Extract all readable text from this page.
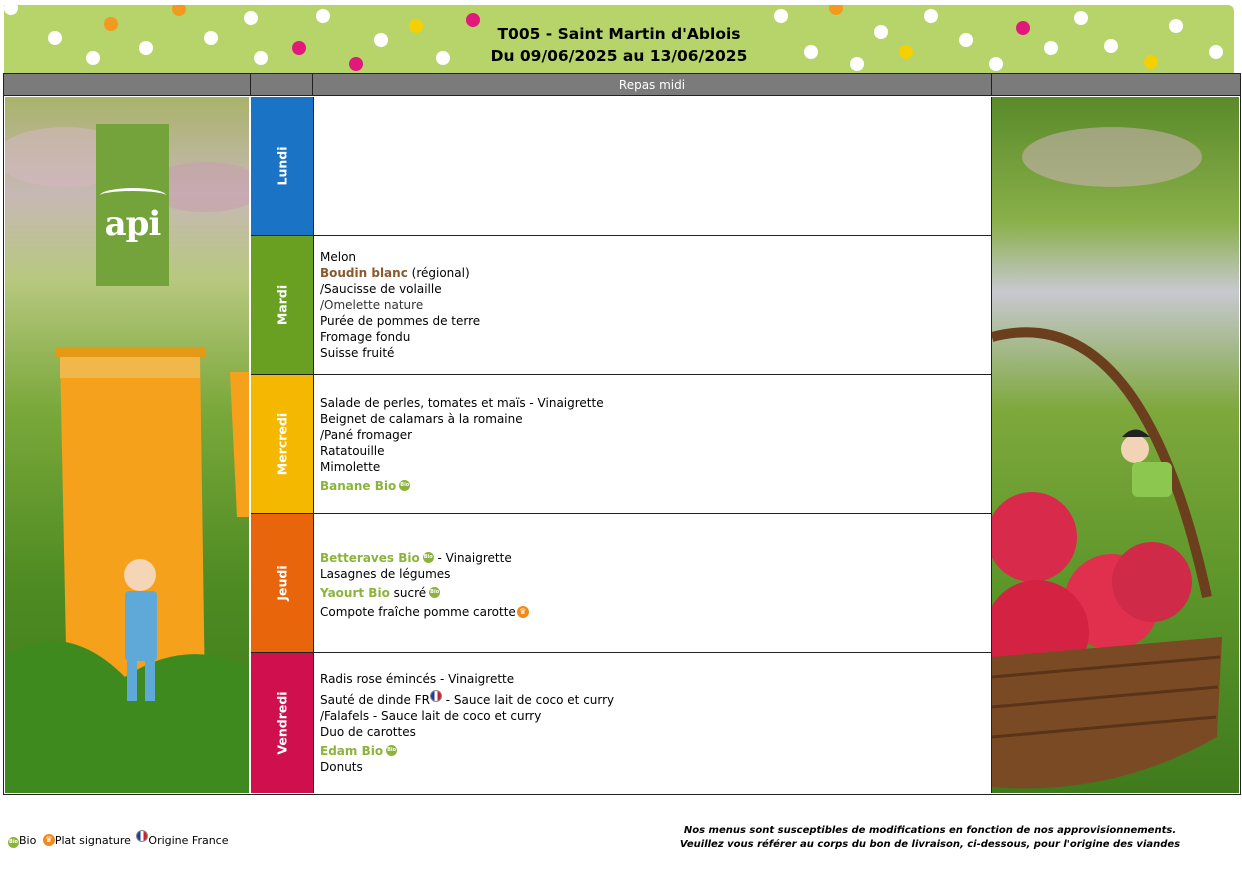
T005 - Saint Martin d'Ablois
Du 09/06/2025 au 13/06/2025
Repas midi
api
Lundi
Mardi
Mercredi
Jeudi
Vendredi
Melon
Boudin blanc (régional)
/Saucisse de volaille
/Omelette nature
Purée de pommes de terre
Fromage fondu
Suisse fruité
Salade de perles, tomates et maïs - Vinaigrette
Beignet de calamars à la romaine
/Pané fromager
Ratatouille
Mimolette
Banane Bio Bio
Betteraves Bio Bio - Vinaigrette
Lasagnes de légumes
Yaourt Bio sucré Bio
Compote fraîche pomme carotte ♛
Radis rose émincés - Vinaigrette
Sauté de dinde FR - Sauce lait de coco et curry
/Falafels - Sauce lait de coco et curry
Duo de carottes
Edam Bio Bio
Donuts
BioBio ♛ Plat signature Origine France
Nos menus sont susceptibles de modifications en fonction de nos approvisionnements.
Veuillez vous référer au corps du bon de livraison, ci-dessous, pour l'origine des viandes
